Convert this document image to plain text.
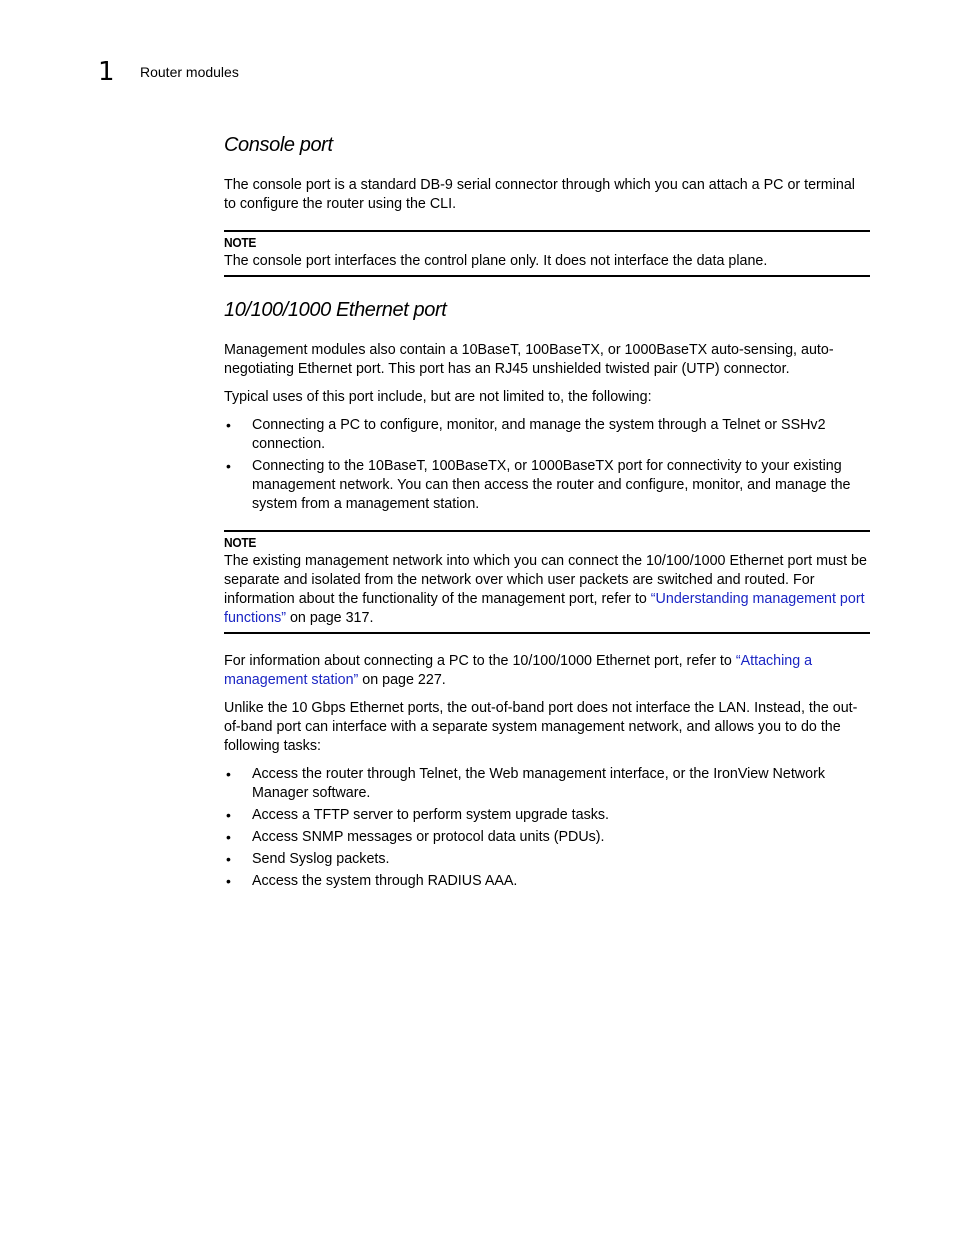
1	Router modules
Console port

The console port is a standard DB-9 serial connector through which you can attach a PC or terminal to configure the router using the CLI.

NOTE
The console port interfaces the control plane only. It does not interface the data plane.
10/100/1000 Ethernet port

Management modules also contain a 10BaseT, 100BaseTX, or 1000BaseTX auto-sensing, auto-negotiating Ethernet port. This port has an RJ45 unshielded twisted pair (UTP) connector.

Typical uses of this port include, but are not limited to, the following:

• Connecting a PC to configure, monitor, and manage the system through a Telnet or SSHv2 connection.
• Connecting to the 10BaseT, 100BaseTX, or 1000BaseTX port for connectivity to your existing management network. You can then access the router and configure, monitor, and manage the system from a management station.
NOTE
The existing management network into which you can connect the 10/100/1000 Ethernet port must be separate and isolated from the network over which user packets are switched and routed. For information about the functionality of the management port, refer to “Understanding management port functions” on page 317.

For information about connecting a PC to the 10/100/1000 Ethernet port, refer to “Attaching a management station” on page 227.

Unlike the 10 Gbps Ethernet ports, the out-of-band port does not interface the LAN. Instead, the out-of-band port can interface with a separate system management network, and allows you to do the following tasks:

• Access the router through Telnet, the Web management interface, or the IronView Network Manager software.
• Access a TFTP server to perform system upgrade tasks.
• Access SNMP messages or protocol data units (PDUs).
• Send Syslog packets.
• Access the system through RADIUS AAA.
